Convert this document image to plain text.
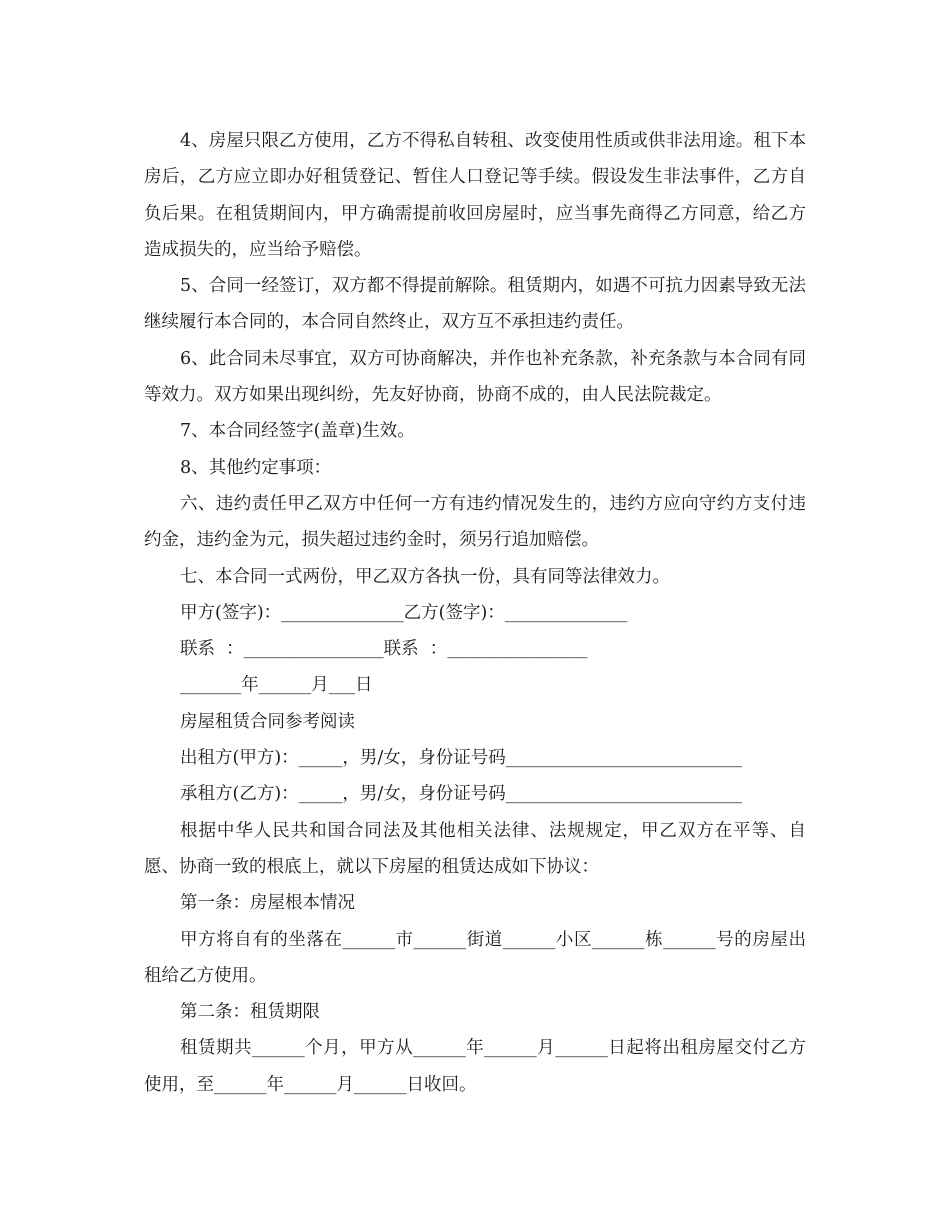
4、房屋只限乙方使用，乙方不得私自转租、改变使用性质或供非法用途。租下本房后，乙方应立即办好租赁登记、暂住人口登记等手续。假设发生非法事件，乙方自负后果。在租赁期间内，甲方确需提前收回房屋时，应当事先商得乙方同意，给乙方造成损失的，应当给予赔偿。

5、合同一经签订，双方都不得提前解除。租赁期内，如遇不可抗力因素导致无法继续履行本合同的，本合同自然终止，双方互不承担违约责任。

6、此合同未尽事宜，双方可协商解决，并作也补充条款，补充条款与本合同有同等效力。双方如果出现纠纷，先友好协商，协商不成的，由人民法院裁定。

7、本合同经签字(盖章)生效。

8、其他约定事项：

六、违约责任甲乙双方中任何一方有违约情况发生的，违约方应向守约方支付违约金，违约金为元，损失超过违约金时，须另行追加赔偿。

七、本合同一式两份，甲乙双方各执一份，具有同等法律效力。

甲方(签字)：______________乙方(签字)：______________

联系  ：________________联系  ：________________

_______年______月___日

房屋租赁合同参考阅读

出租方(甲方)：_____，男/女，身份证号码___________________________

承租方(乙方)：_____，男/女，身份证号码___________________________

根据中华人民共和国合同法及其他相关法律、法规规定，甲乙双方在平等、自愿、协商一致的根底上，就以下房屋的租赁达成如下协议：

第一条：房屋根本情况

甲方将自有的坐落在______市______街道______小区______栋______号的房屋出租给乙方使用。

第二条：租赁期限

租赁期共______个月，甲方从______年______月______日起将出租房屋交付乙方使用，至______年______月______日收回。
